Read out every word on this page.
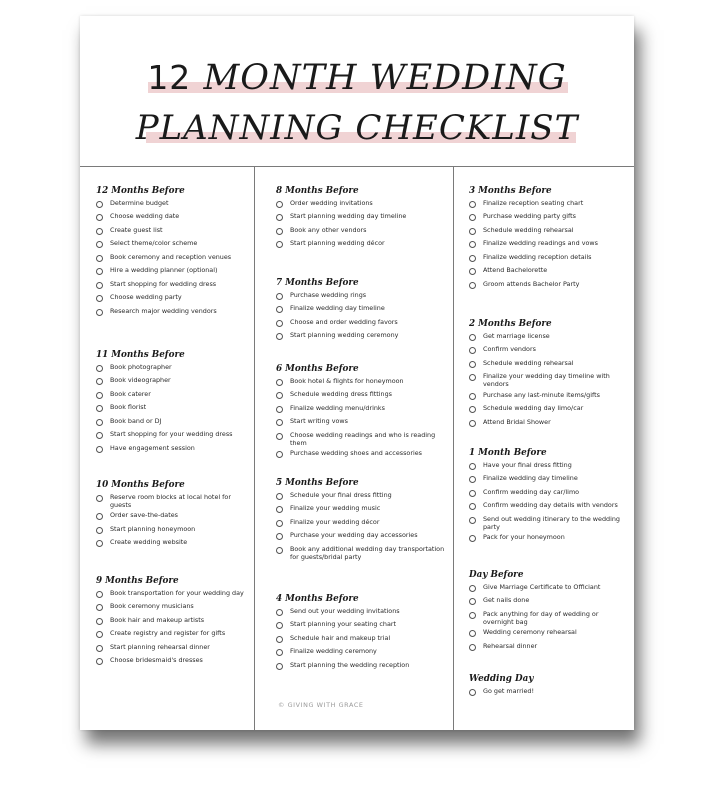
12 MONTH WEDDING
PLANNING CHECKLIST
12 Months Before
Determine budget
Choose wedding date
Create guest list
Select theme/color scheme
Book ceremony and reception venues
Hire a wedding planner (optional)
Start shopping for wedding dress
Choose wedding party
Research major wedding vendors
11 Months Before
Book photographer
Book videographer
Book caterer
Book florist
Book band or DJ
Start shopping for your wedding dress
Have engagement session
10 Months Before
Reserve room blocks at local hotel for guests
Order save-the-dates
Start planning honeymoon
Create wedding website
9 Months Before
Book transportation for your wedding day
Book ceremony musicians
Book hair and makeup artists
Create registry and register for gifts
Start planning rehearsal dinner
Choose bridesmaid's dresses
8 Months Before
Order wedding invitations
Start planning wedding day timeline
Book any other vendors
Start planning wedding décor
7 Months Before
Purchase wedding rings
Finalize wedding day timeline
Choose and order wedding favors
Start planning wedding ceremony
6 Months Before
Book hotel & flights for honeymoon
Schedule wedding dress fittings
Finalize wedding menu/drinks
Start writing vows
Choose wedding readings and who is reading them
Purchase wedding shoes and accessories
5 Months Before
Schedule your final dress fitting
Finalize your wedding music
Finalize your wedding décor
Purchase your wedding day accessories
Book any additional wedding day transportation for guests/bridal party
4 Months Before
Send out your wedding invitations
Start planning your seating chart
Schedule hair and makeup trial
Finalize wedding ceremony
Start planning the wedding reception
3 Months Before
Finalize reception seating chart
Purchase wedding party gifts
Schedule wedding rehearsal
Finalize wedding readings and vows
Finalize wedding reception details
Attend Bachelorette
Groom attends Bachelor Party
2 Months Before
Get marriage license
Confirm vendors
Schedule wedding rehearsal
Finalize your wedding day timeline with vendors
Purchase any last-minute items/gifts
Schedule wedding day limo/car
Attend Bridal Shower
1 Month Before
Have your final dress fitting
Finalize wedding day timeline
Confirm wedding day car/limo
Confirm wedding day details with vendors
Send out wedding itinerary to the wedding party
Pack for your honeymoon
Day Before
Give Marriage Certificate to Officiant
Get nails done
Pack anything for day of wedding or overnight bag
Wedding ceremony rehearsal
Rehearsal dinner
Wedding Day
Go get married!
© GIVING WITH GRACE
